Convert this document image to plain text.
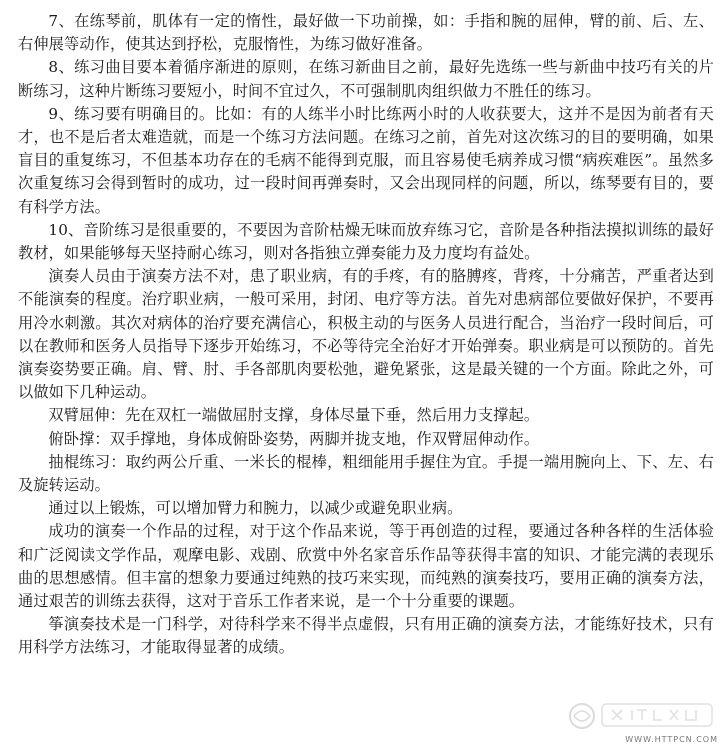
7、在练琴前，肌体有一定的惰性，最好做一下功前操，如：手指和腕的屈伸，臂的前、后、左、右伸展等动作，使其达到抒松，克服惰性，为练习做好准备。

8、练习曲目要本着循序渐进的原则，在练习新曲目之前，最好先选练一些与新曲中技巧有关的片断练习，这种片断练习要短小，时间不宜过久，不可强制肌肉组织做力不胜任的练习。

9、练习要有明确目的。比如：有的人练半小时比练两小时的人收获要大，这并不是因为前者有天才，也不是后者太难造就，而是一个练习方法问题。在练习之前，首先对这次练习的目的要明确，如果盲目的重复练习，不但基本功存在的毛病不能得到克服，而且容易使毛病养成习惯“病疾难医”。虽然多次重复练习会得到暂时的成功，过一段时间再弹奏时，又会出现同样的问题，所以，练琴要有目的，要有科学方法。

10、音阶练习是很重要的，不要因为音阶枯燥无味而放弃练习它，音阶是各种指法摸拟训练的最好教材，如果能够每天坚持耐心练习，则对各指独立弹奏能力及力度均有益处。

演奏人员由于演奏方法不对，患了职业病，有的手疼，有的胳膊疼，背疼，十分痛苦，严重者达到不能演奏的程度。治疗职业病，一般可采用，封闭、电疗等方法。首先对患病部位要做好保护，不要再用冷水刺激。其次对病体的治疗要充满信心，积极主动的与医务人员进行配合，当治疗一段时间后，可以在教师和医务人员指导下逐步开始练习，不必等待完全治好才开始弹奏。职业病是可以预防的。首先演奏姿势要正确。肩、臂、肘、手各部肌肉要松弛，避免紧张，这是最关键的一个方面。除此之外，可以做如下几种运动。

双臂屈伸：先在双杠一端做屈肘支撑，身体尽量下垂，然后用力支撑起。

俯卧撑：双手撑地，身体成俯卧姿势，两脚并拢支地，作双臂屈伸动作。

抽棍练习：取约两公斤重、一米长的棍棒，粗细能用手握住为宜。手提一端用腕向上、下、左、右及旋转运动。

通过以上锻炼，可以增加臂力和腕力，以减少或避免职业病。

成功的演奏一个作品的过程，对于这个作品来说，等于再创造的过程，要通过各种各样的生活体验和广泛阅读文学作品，观摩电影、戏剧、欣赏中外名家音乐作品等获得丰富的知识、才能完满的表现乐曲的思想感情。但丰富的想象力要通过纯熟的技巧来实现，而纯熟的演奏技巧，要用正确的演奏方法，通过艰苦的训练去获得，这对于音乐工作者来说，是一个十分重要的课题。

筝演奏技术是一门科学，对待科学来不得半点虚假，只有用正确的演奏方法，才能练好技术，只有用科学方法练习，才能取得显著的成绩。

WWW.HTTPCN.COM
